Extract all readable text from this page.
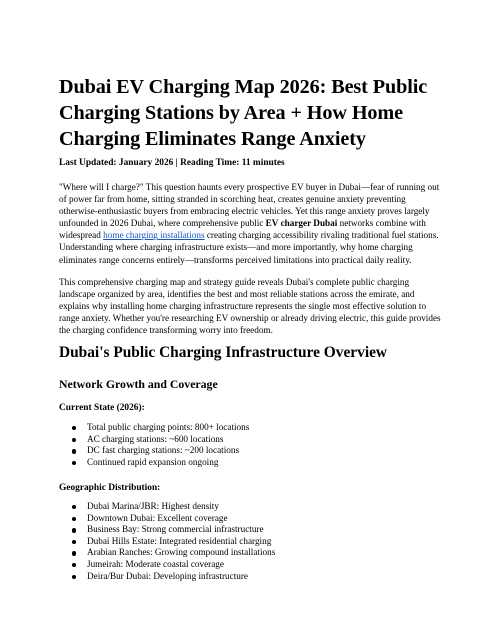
Dubai EV Charging Map 2026: Best Public Charging Stations by Area + How Home Charging Eliminates Range Anxiety

Last Updated: January 2026 | Reading Time: 11 minutes

"Where will I charge?" This question haunts every prospective EV buyer in Dubai—fear of running out of power far from home, sitting stranded in scorching heat, creates genuine anxiety preventing otherwise-enthusiastic buyers from embracing electric vehicles. Yet this range anxiety proves largely unfounded in 2026 Dubai, where comprehensive public EV charger Dubai networks combine with widespread home charging installations creating charging accessibility rivaling traditional fuel stations. Understanding where charging infrastructure exists—and more importantly, why home charging eliminates range concerns entirely—transforms perceived limitations into practical daily reality.

This comprehensive charging map and strategy guide reveals Dubai's complete public charging landscape organized by area, identifies the best and most reliable stations across the emirate, and explains why installing home charging infrastructure represents the single most effective solution to range anxiety. Whether you're researching EV ownership or already driving electric, this guide provides the charging confidence transforming worry into freedom.

Dubai's Public Charging Infrastructure Overview
Network Growth and Coverage

Current State (2026):

Total public charging points: 800+ locations
AC charging stations: ~600 locations
DC fast charging stations: ~200 locations
Continued rapid expansion ongoing

Geographic Distribution:

Dubai Marina/JBR: Highest density
Downtown Dubai: Excellent coverage
Business Bay: Strong commercial infrastructure
Dubai Hills Estate: Integrated residential charging
Arabian Ranches: Growing compound installations
Jumeirah: Moderate coastal coverage
Deira/Bur Dubai: Developing infrastructure
